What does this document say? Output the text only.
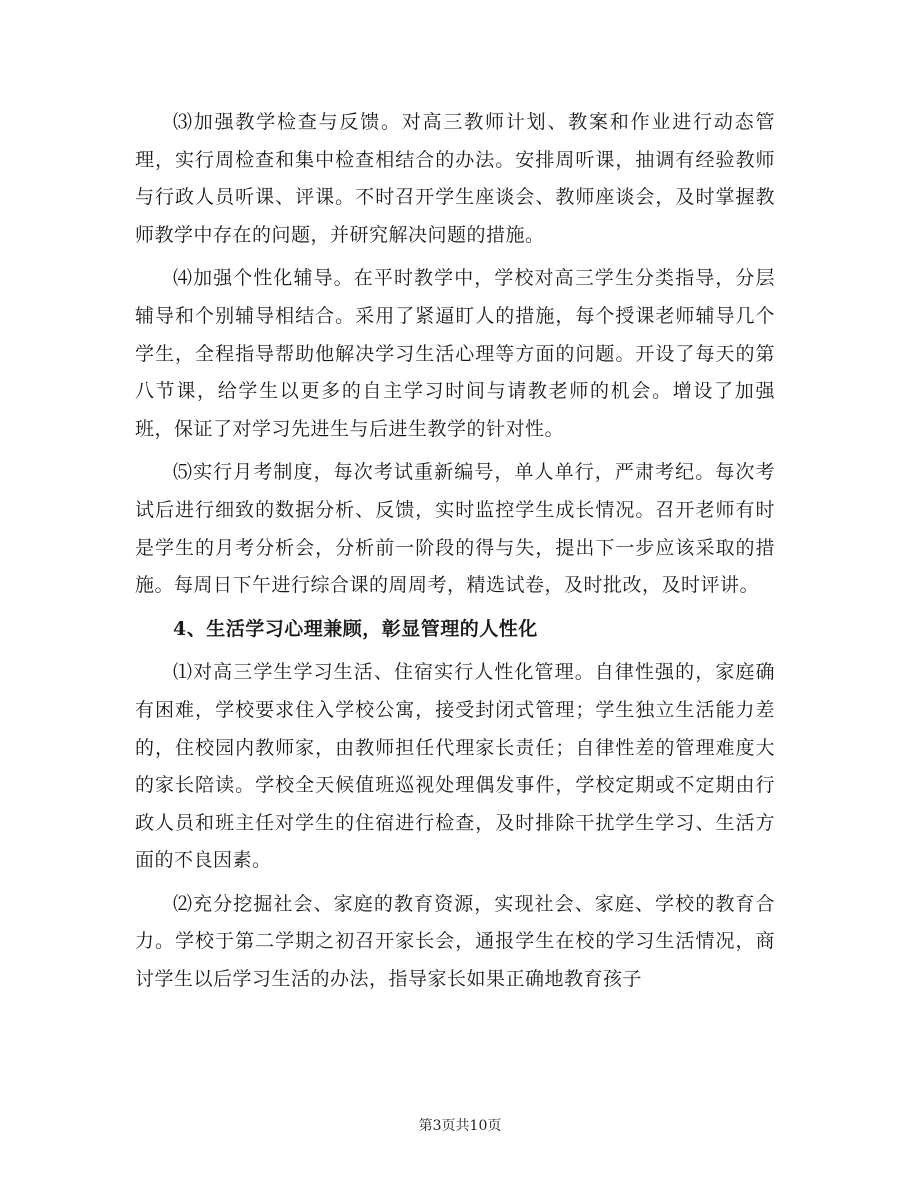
⑶加强教学检查与反馈。对高三教师计划、教案和作业进行动态管理，实行周检查和集中检查相结合的办法。安排周听课，抽调有经验教师与行政人员听课、评课。不时召开学生座谈会、教师座谈会，及时掌握教师教学中存在的问题，并研究解决问题的措施。

⑷加强个性化辅导。在平时教学中，学校对高三学生分类指导，分层辅导和个别辅导相结合。采用了紧逼盯人的措施，每个授课老师辅导几个学生，全程指导帮助他解决学习生活心理等方面的问题。开设了每天的第八节课，给学生以更多的自主学习时间与请教老师的机会。增设了加强班，保证了对学习先进生与后进生教学的针对性。

⑸实行月考制度，每次考试重新编号，单人单行，严肃考纪。每次考试后进行细致的数据分析、反馈，实时监控学生成长情况。召开老师有时是学生的月考分析会，分析前一阶段的得与失，提出下一步应该采取的措施。每周日下午进行综合课的周周考，精选试卷，及时批改，及时评讲。

4、生活学习心理兼顾，彰显管理的人性化

⑴对高三学生学习生活、住宿实行人性化管理。自律性强的，家庭确有困难，学校要求住入学校公寓，接受封闭式管理；学生独立生活能力差的，住校园内教师家，由教师担任代理家长责任；自律性差的管理难度大的家长陪读。学校全天候值班巡视处理偶发事件，学校定期或不定期由行政人员和班主任对学生的住宿进行检查，及时排除干扰学生学习、生活方面的不良因素。

⑵充分挖掘社会、家庭的教育资源，实现社会、家庭、学校的教育合力。学校于第二学期之初召开家长会，通报学生在校的学习生活情况，商讨学生以后学习生活的办法，指导家长如果正确地教育孩子

第3页共10页
